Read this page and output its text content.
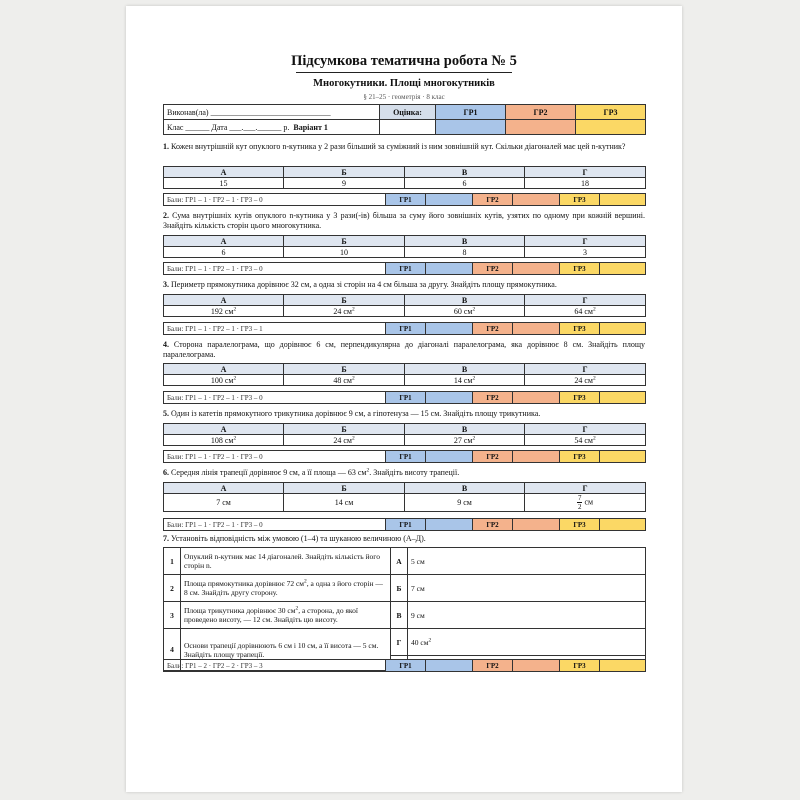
Підсумкова тематична робота № 5
Многокутники. Площі многокутників
§ 21–25 · геометрія · 8 клас
Виконав(ла) ______________________________	Оцінка:	ГР1	ГР2	ГР3
Клас ______ Дата ___.___.______ р. Варіант 1				
1. Кожен внутрішній кут опуклого n-кутника у 2 рази більший за суміжний із ним зовнішній кут. Скільки діагоналей має цей n-кутник?
А	Б	В	Г
15	9	6	18
Бали: ГР1 – 1 · ГР2 – 1 · ГР3 – 0	ГР1		ГР2		ГР3	
2. Сума внутрішніх кутів опуклого n-кутника у 3 рази(-ів) більша за суму його зовнішніх кутів, узятих по одному при кожній вершині. Знайдіть кількість сторін цього многокутника.
А	Б	В	Г
6	10	8	3
Бали: ГР1 – 1 · ГР2 – 1 · ГР3 – 0	ГР1		ГР2		ГР3	
3. Периметр прямокутника дорівнює 32 см, а одна зі сторін на 4 см більша за другу. Знайдіть площу прямокутника.
А	Б	В	Г
192 $см^2$	24 $см^2$	60 $см^2$	64 $см^2$
Бали: ГР1 – 1 · ГР2 – 1 · ГР3 – 1	ГР1		ГР2		ГР3	
4. Сторона паралелограма, що дорівнює 6 см, перпендикулярна до діагоналі паралелограма, яка дорівнює 8 см. Знайдіть площу паралелограма.
А	Б	В	Г
100 $см^2$	48 $см^2$	14 $см^2$	24 $см^2$
Бали: ГР1 – 1 · ГР2 – 1 · ГР3 – 0	ГР1		ГР2		ГР3	
5. Один із катетів прямокутного трикутника дорівнює 9 см, а гіпотенуза — 15 см. Знайдіть площу трикутника.
А	Б	В	Г
108 $см^2$	24 $см^2$	27 $см^2$	54 $см^2$
Бали: ГР1 – 1 · ГР2 – 1 · ГР3 – 0	ГР1		ГР2		ГР3	
6. Середня лінія трапеції дорівнює 9 см, а її площа — 63 $см^2$. Знайдіть висоту трапеції.
А	Б	В	Г
7 см	14 см	9 см	$\frac{7}{2}$ см
Бали: ГР1 – 1 · ГР2 – 1 · ГР3 – 0	ГР1		ГР2		ГР3	
7. Установіть відповідність між умовою (1–4) та шуканою величиною (А–Д).
1	Опуклий n-кутник має 14 діагоналей. Знайдіть кількість його сторін n.	А	5 см
2	Площа прямокутника дорівнює 72 $см^2$, а одна з його сторін — 8 см. Знайдіть другу сторону.	Б	7 см
3	Площа трикутника дорівнює 30 $см^2$, а сторона, до якої проведено висоту, — 12 см. Знайдіть цю висоту.	В	9 см
4	Основи трапеції дорівнюють 6 см і 10 см, а її висота — 5 см. Знайдіть площу трапеції.	Г	40 $см^2$

Бали: ГР1 – 2 · ГР2 – 2 · ГР3 – 3	ГР1		ГР2		ГР3	
